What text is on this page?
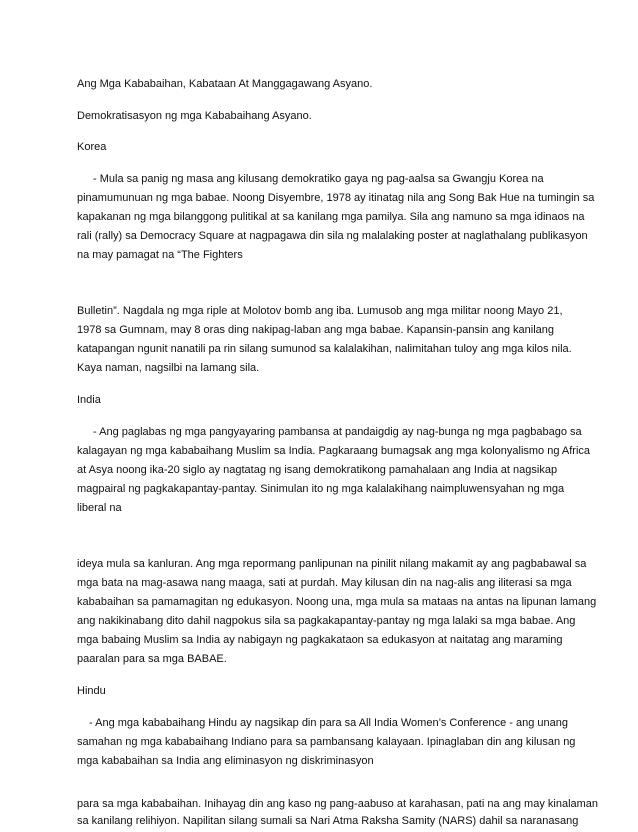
Ang Mga Kababaihan, Kabataan At Manggagawang Asyano.
Demokratisasyon ng mga Kababaihang Asyano.
Korea
- Mula sa panig ng masa ang kilusang demokratiko gaya ng pag-aalsa sa Gwangju Korea na
pinamumunuan ng mga babae. Noong Disyembre, 1978 ay itinatag nila ang Song Bak Hue na tumingin sa
kapakanan ng mga bilanggong pulitikal at sa kanilang mga pamilya. Sila ang namuno sa mga idinaos na
rali (rally) sa Democracy Square at nagpagawa din sila ng malalaking poster at naglathalang publikasyon
na may pamagat na “The Fighters
Bulletin”. Nagdala ng mga riple at Molotov bomb ang iba. Lumusob ang mga militar noong Mayo 21,
1978 sa Gumnam, may 8 oras ding nakipag-laban ang mga babae. Kapansin-pansin ang kanilang
katapangan ngunit nanatili pa rin silang sumunod sa kalalakihan, nalimitahan tuloy ang mga kilos nila.
Kaya naman, nagsilbi na lamang sila.
India
- Ang paglabas ng mga pangyayaring pambansa at pandaigdig ay nag-bunga ng mga pagbabago sa
kalagayan ng mga kababaihang Muslim sa India. Pagkaraang bumagsak ang mga kolonyalismo ng Africa
at Asya noong ika-20 siglo ay nagtatag ng isang demokratikong pamahalaan ang India at nagsikap
magpairal ng pagkakapantay-pantay. Sinimulan ito ng mga kalalakihang naimpluwensyahan ng mga
liberal na
ideya mula sa kanluran. Ang mga repormang panlipunan na pinilit nilang makamit ay ang pagbabawal sa
mga bata na mag-asawa nang maaga, sati at purdah. May kilusan din na nag-alis ang iliterasi sa mga
kababaihan sa pamamagitan ng edukasyon. Noong una, mga mula sa mataas na antas na lipunan lamang
ang nakikinabang dito dahil nagpokus sila sa pagkakapantay-pantay ng mga lalaki sa mga babae. Ang
mga babaing Muslim sa India ay nabigayn ng pagkakataon sa edukasyon at naitatag ang maraming
paaralan para sa mga BABAE.
Hindu
- Ang mga kababaihang Hindu ay nagsikap din para sa All India Women’s Conference - ang unang
samahan ng mga kababaihang Indiano para sa pambansang kalayaan. Ipinaglaban din ang kilusan ng
mga kababaihan sa India ang eliminasyon ng diskriminasyon
para sa mga kababaihan. Inihayag din ang kaso ng pang-aabuso at karahasan, pati na ang may kinalaman
sa kanilang relihiyon. Napilitan silang sumali sa Nari Atma Raksha Samity (NARS) dahil sa naranasang
